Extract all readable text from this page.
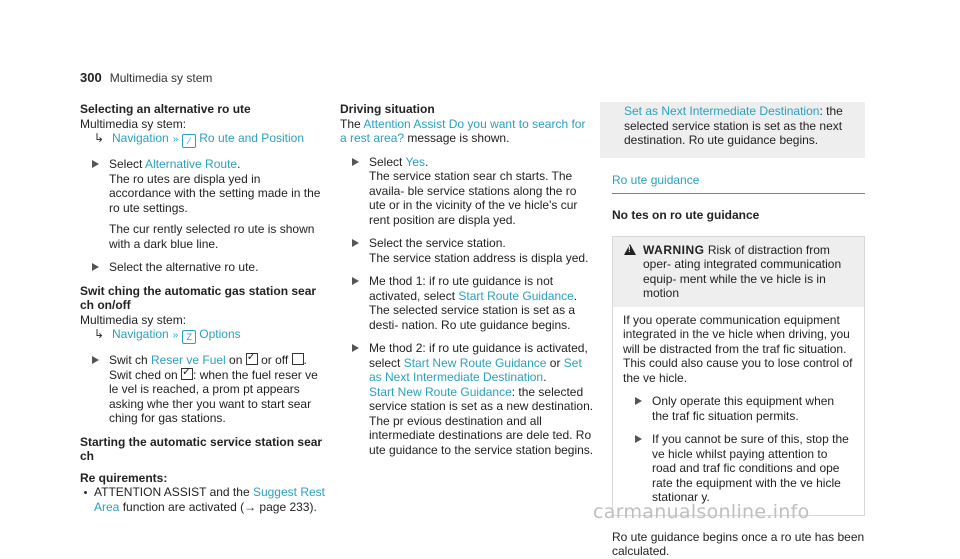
300 Multimedia sy stem
Selecting an alternative ro ute
Multimedia sy stem:
↳ Navigation » ⁄ Ro ute and Position
Select Alternative Route.
The ro utes are displa yed in accordance with the setting made in the ro ute settings.
The cur rently selected ro ute is shown with a dark blue line.
Select the alternative ro ute.
Swit ching the automatic gas station sear ch on/off
Multimedia sy stem:
↳ Navigation » Z Options
Swit ch Reser ve Fuel on ✓ or off .
Swit ched on ✓: when the fuel reser ve le vel is reached, a prom pt appears asking whe ther you want to start sear ching for gas stations.
Starting the automatic service station sear ch
Re quirements:
ATTENTION ASSIST and the Suggest Rest Area function are activated (→ page 233).
Driving situation
The Attention Assist Do you want to search for a rest area? message is shown.
Select Yes.
The service station sear ch starts. The availa- ble service stations along the ro ute or in the vicinity of the ve hicle's cur rent position are displa yed.
Select the service station.
The service station address is displa yed.
Me thod 1: if ro ute guidance is not activated, select Start Route Guidance.
The selected service station is set as a desti- nation. Ro ute guidance begins.
Me thod 2: if ro ute guidance is activated, select Start New Route Guidance or Set as Next Intermediate Destination.
Start New Route Guidance: the selected service station is set as a new destination. The pr evious destination and all intermediate destinations are dele ted. Ro ute guidance to the service station begins.
Set as Next Intermediate Destination: the selected service station is set as the next destination. Ro ute guidance begins.
Ro ute guidance
No tes on ro ute guidance
!
WARNING Risk of distraction from oper- ating integrated communication equip- ment while the ve hicle is in motion
If you operate communication equipment integrated in the ve hicle when driving, you will be distracted from the traf fic situation. This could also cause you to lose control of the ve hicle.
Only operate this equipment when the traf fic situation permits.
If you cannot be sure of this, stop the ve hicle whilst paying attention to road and traf fic conditions and ope rate the equipment with the ve hicle stationar y.
Ro ute guidance begins once a ro ute has been calculated.
carmanualsonline.info
